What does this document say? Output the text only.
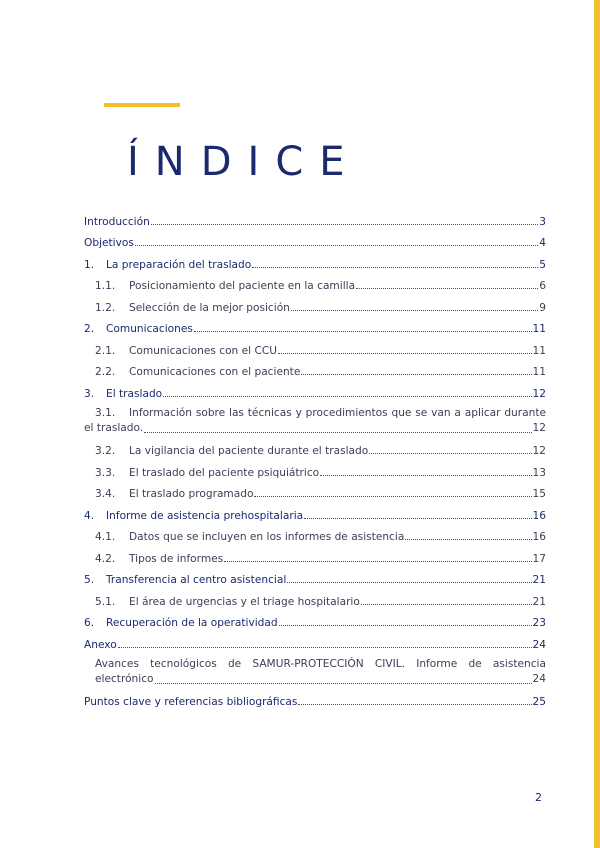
ÍNDICE
Introducción	3
Objetivos	4
1.	La preparación del traslado	5
1.1.	Posicionamiento del paciente en la camilla	6
1.2.	Selección de la mejor posición	9
2.	Comunicaciones	11
2.1.	Comunicaciones con el CCU	11
2.2.	Comunicaciones con el paciente	11
3.	El traslado	12
3.1.	Información sobre las técnicas y procedimientos que se van a aplicar durante
el traslado.	12
3.2.	La vigilancia del paciente durante el traslado	12
3.3.	El traslado del paciente psiquiátrico	13
3.4.	El traslado programado	15
4.	Informe de asistencia prehospitalaria	16
4.1.	Datos que se incluyen en los informes de asistencia	16
4.2.	Tipos de informes	17
5.	Transferencia al centro asistencial	21
5.1.	El área de urgencias y el triage hospitalario	21
6.	Recuperación de la operatividad	23
Anexo	24
Avances tecnológicos de SAMUR-PROTECCIÓN CIVIL. Informe de asistencia
electrónico	24
Puntos clave y referencias bibliográficas	25
2
